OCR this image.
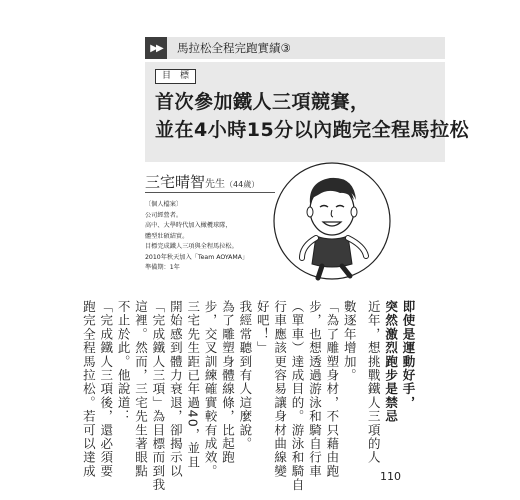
▶▶	馬拉松全程完跑實績③
目　標
首次參加鐵人三項競賽，
並在4小時15分以內跑完全程馬拉松
三宅晴智先生（44歲）
〔個人檔案〕
公司經營者。
高中、大學時代加入橄欖球隊，
體型壯碩結實。
目標完成鐵人三項與全程馬拉松。
2010年秋天加入「Team AOYAMA」
準備期：1年
即使是運動好手，
突然激烈跑步是禁忌
近年，想挑戰鐵人三項的人
數逐年增加。
「為了雕塑身材，不只藉由跑
步，也想透過游泳和騎自行車
（單車）達成目的。游泳和騎自
行車應該更容易讓身材曲線變
好吧！」
我經常聽到有人這麼說。
為了雕塑身體線條，比起跑
步，交叉訓練確實較有成效。
三宅先生距已年過40，並且
開始感到體力衰退，卻揭示以
「完成鐵人三項」為目標而到我
這裡。然而，三宅先生著眼點
不止於此。他說道：
「完成鐵人三項後，還必須要
跑完全程馬拉松。若可以達成	110
